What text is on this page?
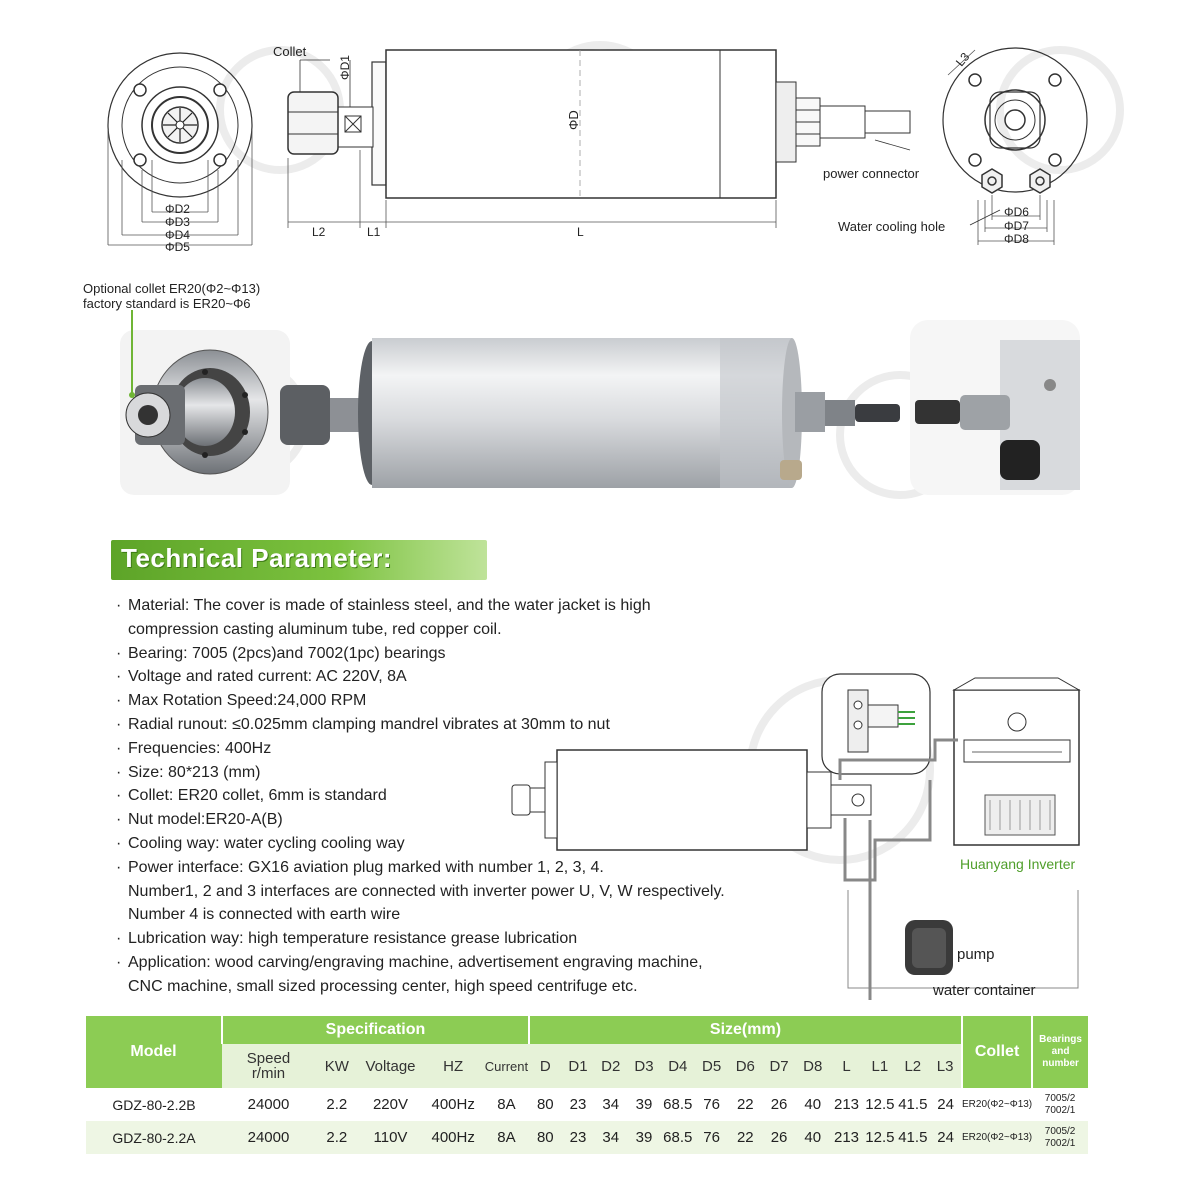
Collet
ΦD1
ΦD
ΦD2
ΦD3
ΦD4
ΦD5
L2	L1	L
L3
power connector
Water cooling hole
ΦD6
ΦD7
ΦD8
Optional collet ER20(Φ2~Φ13)
factory standard is ER20~Φ6
Technical Parameter:
· Material: The cover is made of stainless steel, and the water jacket is high
compression casting aluminum tube, red copper coil.
· Bearing: 7005 (2pcs)and 7002(1pc) bearings
· Voltage and rated current: AC 220V, 8A
· Max Rotation Speed:24,000 RPM
· Radial runout: ≤0.025mm clamping mandrel vibrates at 30mm to nut
· Frequencies: 400Hz
· Size: 80*213 (mm)
· Collet: ER20 collet, 6mm is standard
· Nut model:ER20-A(B)
· Cooling way: water cycling cooling way
· Power interface: GX16 aviation plug marked with number 1, 2, 3, 4.
Number1, 2 and 3 interfaces are connected with inverter power U, V, W respectively.
Number 4 is connected with earth wire
· Lubrication way: high temperature resistance grease lubrication
· Application: wood carving/engraving machine, advertisement engraving machine,
CNC machine, small sized processing center, high speed centrifuge etc.
Huanyang Inverter
pump
water container
Model	Specification					Size(mm)													Collet	Bearings
and
number

	Speed
r/min	KW	Voltage	HZ	Current	D	D1	D2	D3	D4	D5	D6	D7	D8	L	L1	L2	L3		
GDZ-80-2.2B	24000	2.2	220V	400Hz	8A	80	23	34	39	68.5	76	22	26	40	213	12.5	41.5	24	ER20(Φ2~Φ13)	7005/2
7002/1

GDZ-80-2.2A	24000	2.2	110V	400Hz	8A	80	23	34	39	68.5	76	22	26	40	213	12.5	41.5	24	ER20(Φ2~Φ13)	7005/2
7002/1
